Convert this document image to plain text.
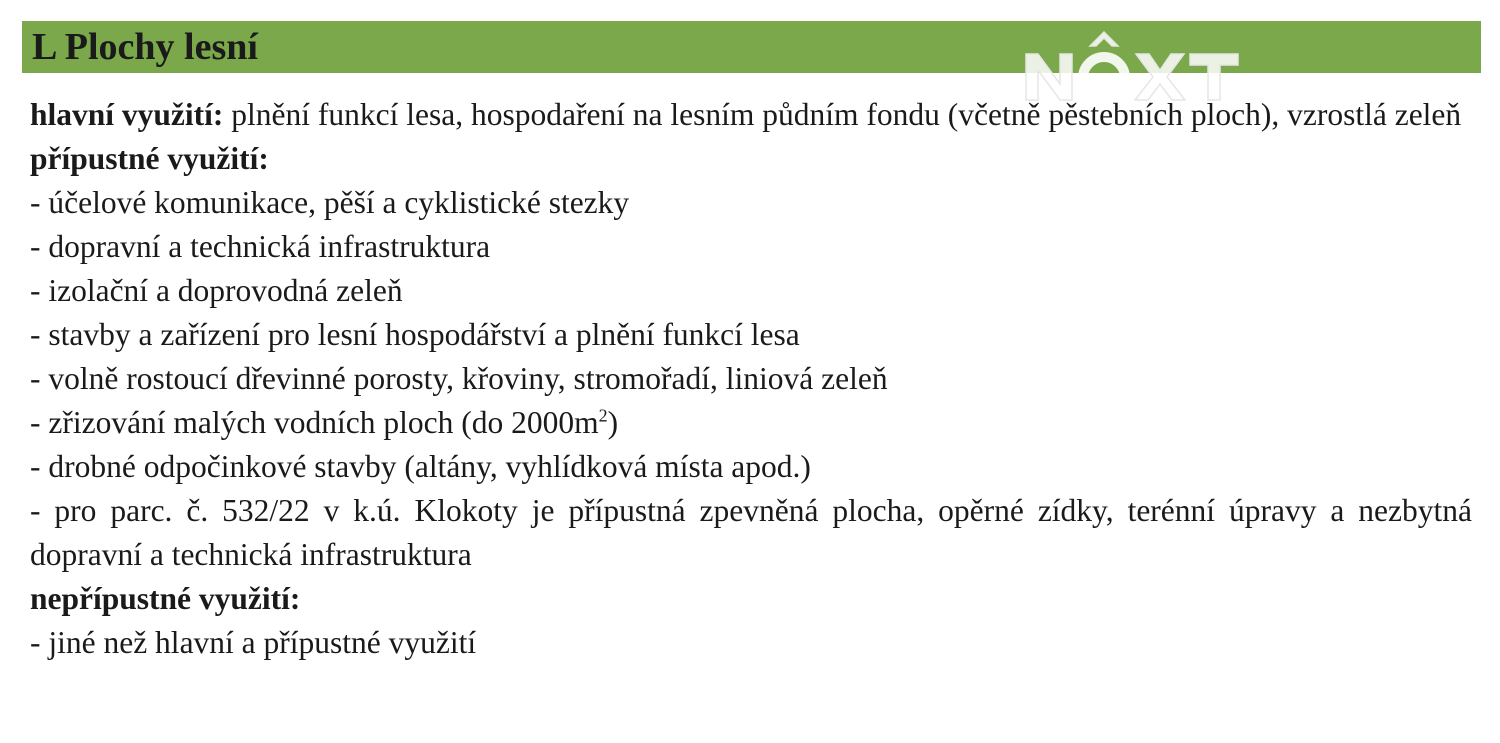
L Plochy lesní

hlavní využití: plnění funkcí lesa, hospodaření na lesním půdním fondu (včetně pěstebních ploch), vzrostlá zeleň

přípustné využití:

- účelové komunikace, pěší a cyklistické stezky

- dopravní a technická infrastruktura

- izolační a doprovodná zeleň

- stavby a zařízení pro lesní hospodářství a plnění funkcí lesa

- volně rostoucí dřevinné porosty, křoviny, stromořadí, liniová zeleň

- zřizování malých vodních ploch (do $2000m^2$)

- drobné odpočinkové stavby (altány, vyhlídková místa apod.)

- pro parc. č. 532/22 v k.ú. Klokoty je přípustná zpevněná plocha, opěrné zídky, terénní úpravy a nezbytná dopravní a technická infrastruktura

nepřípustné využití:

- jiné než hlavní a přípustné využití
